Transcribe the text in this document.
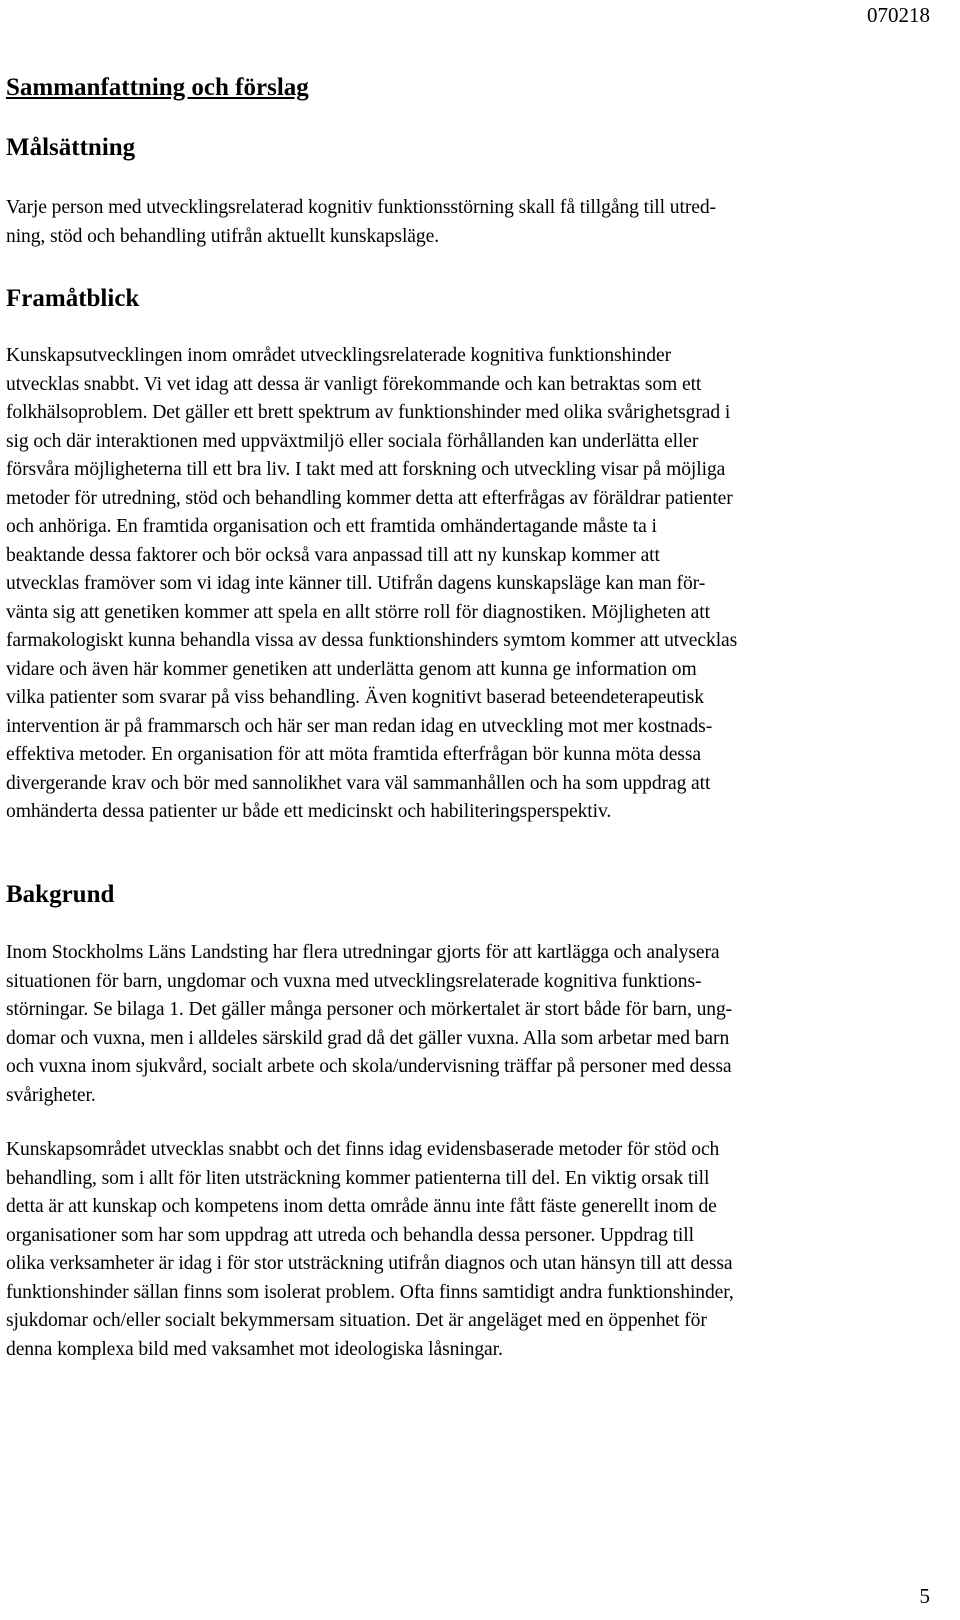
070218
Sammanfattning och förslag
Målsättning

Varje person med utvecklingsrelaterad kognitiv funktionsstörning skall få tillgång till utred-
ning, stöd och behandling utifrån aktuellt kunskapsläge.

Framåtblick

Kunskapsutvecklingen inom området utvecklingsrelaterade kognitiva funktionshinder
utvecklas snabbt. Vi vet idag att dessa är vanligt förekommande och kan betraktas som ett
folkhälsoproblem. Det gäller ett brett spektrum av funktionshinder med olika svårighetsgrad i
sig och där interaktionen med uppväxtmiljö eller sociala förhållanden kan underlätta eller
försvåra möjligheterna till ett bra liv. I takt med att forskning och utveckling visar på möjliga
metoder för utredning, stöd och behandling kommer detta att efterfrågas av föräldrar patienter
och anhöriga. En framtida organisation och ett framtida omhändertagande måste ta i
beaktande dessa faktorer och bör också vara anpassad till att ny kunskap kommer att
utvecklas framöver som vi idag inte känner till. Utifrån dagens kunskapsläge kan man för-
vänta sig att genetiken kommer att spela en allt större roll för diagnostiken. Möjligheten att
farmakologiskt kunna behandla vissa av dessa funktionshinders symtom kommer att utvecklas
vidare och även här kommer genetiken att underlätta genom att kunna ge information om
vilka patienter som svarar på viss behandling. Även kognitivt baserad beteendeterapeutisk
intervention är på frammarsch och här ser man redan idag en utveckling mot mer kostnads-
effektiva metoder. En organisation för att möta framtida efterfrågan bör kunna möta dessa
divergerande krav och bör med sannolikhet vara väl sammanhållen och ha som uppdrag att
omhänderta dessa patienter ur både ett medicinskt och habiliteringsperspektiv.

Bakgrund

Inom Stockholms Läns Landsting har flera utredningar gjorts för att kartlägga och analysera
situationen för barn, ungdomar och vuxna med utvecklingsrelaterade kognitiva funktions-
störningar. Se bilaga 1. Det gäller många personer och mörkertalet är stort både för barn, ung-
domar och vuxna, men i alldeles särskild grad då det gäller vuxna. Alla som arbetar med barn
och vuxna inom sjukvård, socialt arbete och skola/undervisning träffar på personer med dessa
svårigheter.

Kunskapsområdet utvecklas snabbt och det finns idag evidensbaserade metoder för stöd och
behandling, som i allt för liten utsträckning kommer patienterna till del. En viktig orsak till
detta är att kunskap och kompetens inom detta område ännu inte fått fäste generellt inom de
organisationer som har som uppdrag att utreda och behandla dessa personer. Uppdrag till
olika verksamheter är idag i för stor utsträckning utifrån diagnos och utan hänsyn till att dessa
funktionshinder sällan finns som isolerat problem. Ofta finns samtidigt andra funktionshinder,
sjukdomar och/eller socialt bekymmersam situation. Det är angeläget med en öppenhet för
denna komplexa bild med vaksamhet mot ideologiska låsningar.

5
